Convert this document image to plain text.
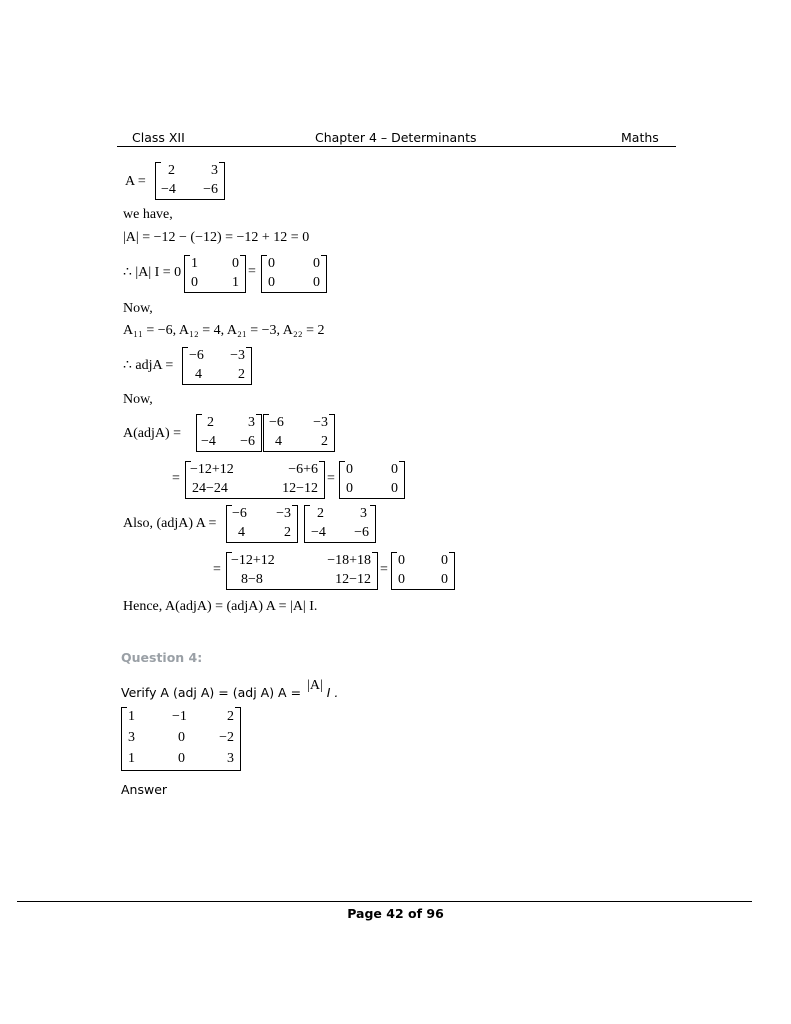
Class XII	Chapter 4 – Determinants	Maths
A =
2	3
−4 −6
we have,
|A| = −12 − (−12) = −12 + 12 = 0
∴ |A| I = 0
1 0
0 1
=
0	0
0	0
Now,
A₁₁ = −6, A₁₂ = 4, A₂₁ = −3, A₂₂ = 2
∴ adjA =
−6 −3
4	2
Now,
A(adjA) =
2 3
−4 −6
−6 −3
4	2
=
−12+12	−6+6
24−24	12−12
=
0	0
0	0
Also, (adjA) A =
−6 −3
4	2
2	3
−4 −6
=
−12+12	−18+18
8−8	12−12
=
0	0
0	0
Hence, A(adjA) = (adjA) A = |A| I.
Question 4:
Verify A (adj A) = (adj A) A = |A| I .
1	−1	2
3	0 −2
1	0	3
Answer
Page 42 of 96
